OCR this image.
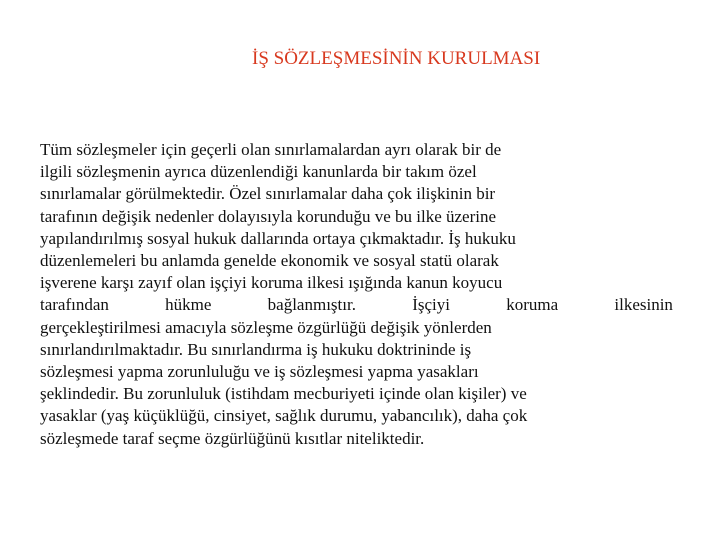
İŞ SÖZLEŞMESİNİN KURULMASI
Tüm sözleşmeler için geçerli olan sınırlamalardan ayrı olarak bir de
ilgili sözleşmenin ayrıca düzenlendiği kanunlarda bir takım özel
sınırlamalar görülmektedir. Özel sınırlamalar daha çok ilişkinin bir
tarafının değişik nedenler dolayısıyla korunduğu ve bu ilke üzerine
yapılandırılmış sosyal hukuk dallarında ortaya çıkmaktadır. İş hukuku
düzenlemeleri bu anlamda genelde ekonomik ve sosyal statü olarak
işverene karşı zayıf olan işçiyi koruma ilkesi ışığında kanun koyucu
tarafından	hükme	bağlanmıştır.	İşçiyi	koruma	ilkesinin
gerçekleştirilmesi amacıyla sözleşme özgürlüğü değişik yönlerden
sınırlandırılmaktadır. Bu sınırlandırma iş hukuku doktrininde iş
sözleşmesi yapma zorunluluğu ve iş sözleşmesi yapma yasakları
şeklindedir. Bu zorunluluk (istihdam mecburiyeti içinde olan kişiler) ve
yasaklar (yaş küçüklüğü, cinsiyet, sağlık durumu, yabancılık), daha çok
sözleşmede taraf seçme özgürlüğünü kısıtlar niteliktedir.
